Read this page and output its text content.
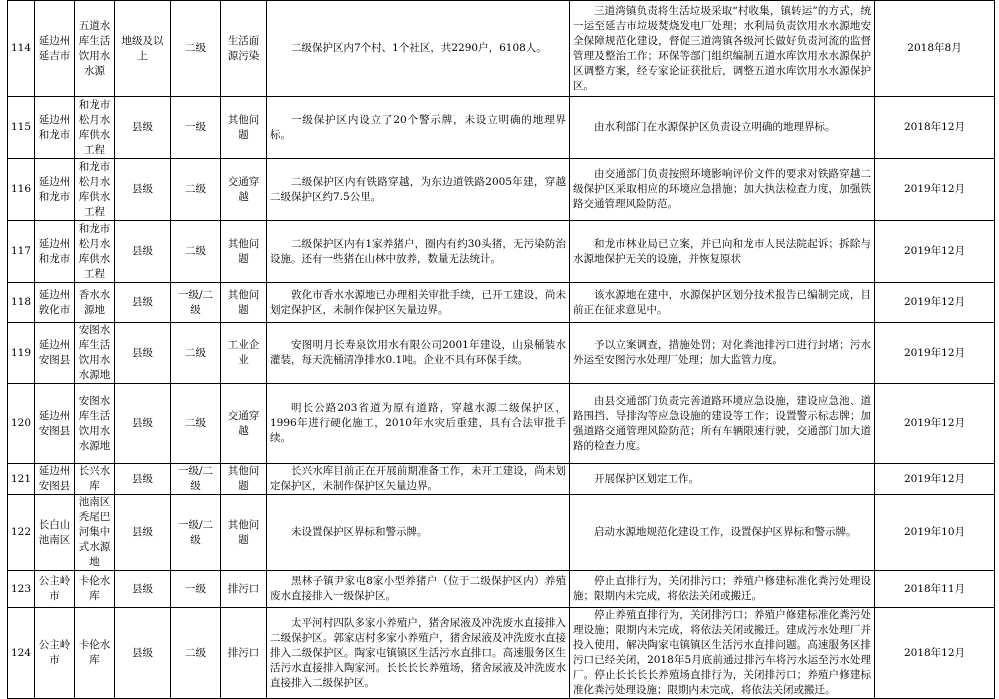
114	延边州延吉市	五道水库生活饮用水水源	地级及以上	二级	生活面源污染	二级保护区内7个村、1个社区，共2290户，6108人。	三道湾镇负责将生活垃圾采取“村收集，镇转运”的方式，统一运至延吉市垃圾焚烧发电厂处理；水利局负责饮用水水源地安全保障规范化建设，督促三道湾镇各级河长做好负责河流的监督管理及整治工作；环保等部门组织编制五道水库饮用水水源保护区调整方案，经专家论证获批后，调整五道水库饮用水水源保护区。	2018年8月
115	延边州和龙市	和龙市松月水库供水工程	县级	一级	其他问题	一级保护区内设立了20个警示牌，未设立明确的地理界标。	由水利部门在水源保护区负责设立明确的地理界标。	2018年12月
116	延边州和龙市	和龙市松月水库供水工程	县级	二级	交通穿越	二级保护区内有铁路穿越，为东边道铁路2005年建，穿越二级保护区约7.5公里。	由交通部门负责按照环境影响评价文件的要求对铁路穿越二级保护区采取相应的环境应急措施；加大执法检查力度，加强铁路交通管理风险防范。	2019年12月
117	延边州和龙市	和龙市松月水库供水工程	县级	二级	其他问题	二级保护区内有1家养猪户，圈内有约30头猪，无污染防治设施。还有一些猪在山林中放养，数量无法统计。	和龙市林业局已立案，并已向和龙市人民法院起诉；拆除与水源地保护无关的设施，并恢复原状	2019年12月
118	延边州敦化市	香水水源地	县级	一级/二级	其他问题	敦化市香水水源地已办理相关审批手续，已开工建设，尚未划定保护区，未制作保护区矢量边界。	该水源地在建中，水源保护区划分技术报告已编制完成，目前正在征求意见中。	2019年12月
119	延边州安图县	安图水库生活饮用水水源地	县级	二级	工业企业	安图明月长寿泉饮用水有限公司2001年建设，山泉桶装水灌装，每天洗桶清净排水0.1吨。企业不具有环保手续。	予以立案调查，措施处罚；对化粪池排污口进行封堵；污水外运至安图污水处理厂处理；加大监管力度。	2019年12月
120	延边州安图县	安图水库生活饮用水水源地	县级	二级	交通穿越	明长公路203省道为原有道路，穿越水源二级保护区，1996年进行硬化施工，2010年水灾后重建，具有合法审批手续。	由县交通部门负责完善道路环境应急设施，建设应急池、道路围挡、导排沟等应急设施的建设等工作；设置警示标志牌；加强道路交通管理风险防范；所有车辆限速行驶，交通部门加大道路的检查力度。	2019年12月
121	延边州安图县	长兴水库	县级	一级/二级	其他问题	长兴水库目前正在开展前期准备工作，未开工建设，尚未划定保护区，未制作保护区矢量边界。	开展保护区划定工作。	2019年12月
122	长白山池南区	池南区秃尾巴河集中式水源地	县级	一级/二级	其他问题	未设置保护区界标和警示牌。	启动水源地规范化建设工作，设置保护区界标和警示牌。	2019年10月
123	公主岭市	卡伦水库	县级	一级	排污口	黑林子镇尹家屯8家小型养猪户（位于二级保护区内）养殖废水直接排入一级保护区。	停止直排行为，关闭排污口；养殖户修建标准化粪污处理设施；限期内未完成，将依法关闭或搬迁。	2018年11月
124	公主岭市	卡伦水库	县级	二级	排污口	太平河村四队多家小养殖户，猪舍尿液及冲洗废水直接排入二级保护区。郭家店村多家小养殖户，猪舍尿液及冲洗废水直接排入二级保护区。陶家屯镇镇区生活污水直排口。高速服务区生活污水直接排入陶家河。长长长长养殖场，猪舍尿液及冲洗废水直接排入二级保护区。	停止养殖直排行为，关闭排污口；养殖户修建标准化粪污处理设施；限期内未完成，将依法关闭或搬迁。建成污水处理厂并投入使用，解决陶家屯镇镇区生活污水直排问题。高速服务区排污口已经关闭，2018年5月底前通过排污车将污水运至污水处理厂。停止长长长长养殖场直排行为，关闭排污口；养殖户修建标准化粪污处理设施；限期内未完成，将依法关闭或搬迁。	2018年12月
